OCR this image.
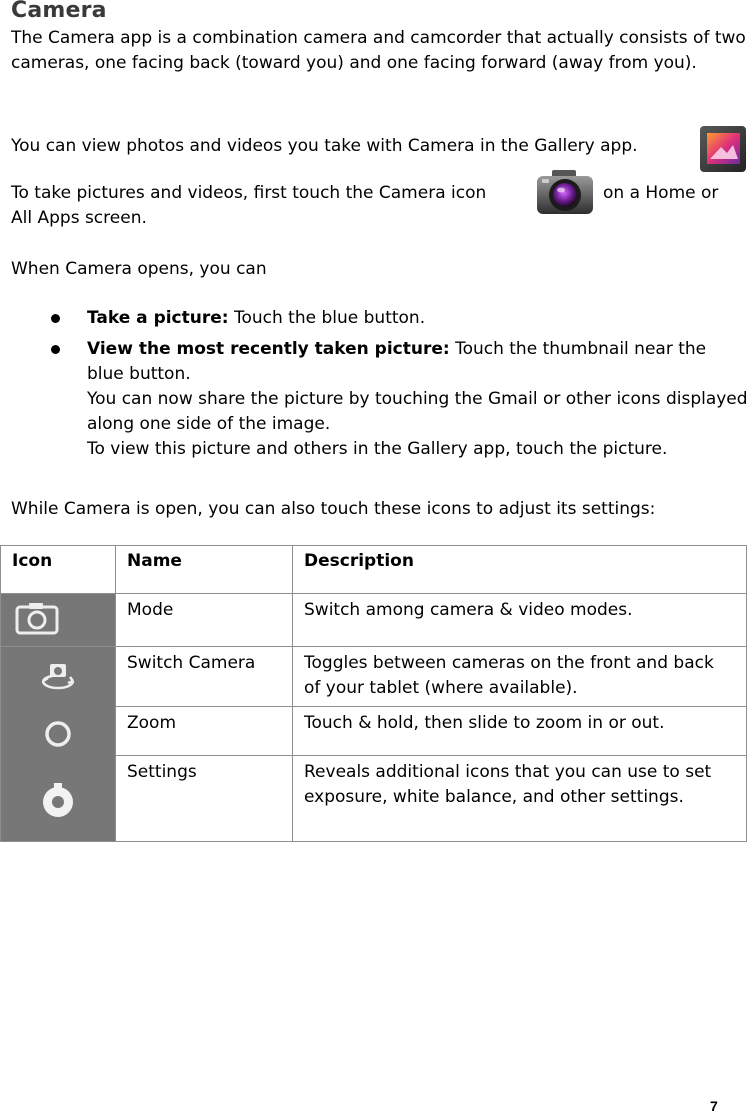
Camera
The Camera app is a combination camera and camcorder that actually consists of two cameras, one facing back (toward you) and one facing forward (away from you).
You can view photos and videos you take with Camera in the Gallery app.
To take pictures and videos, first touch the Camera icon	on a Home or
All Apps screen.
When Camera opens, you can
Take a picture: Touch the blue button.
View the most recently taken picture: Touch the thumbnail near the blue button.
You can now share the picture by touching the Gmail or other icons displayed along one side of the image.
To view this picture and others in the Gallery app, touch the picture.
While Camera is open, you can also touch these icons to adjust its settings:
Icon	Name	Description
	Mode	Switch among camera & video modes.

	Switch Camera	Toggles between cameras on the front and back of your tablet (where available).
	Zoom	Touch & hold, then slide to zoom in or out.
	Settings	Reveals additional icons that you can use to set exposure, white balance, and other settings.
7
